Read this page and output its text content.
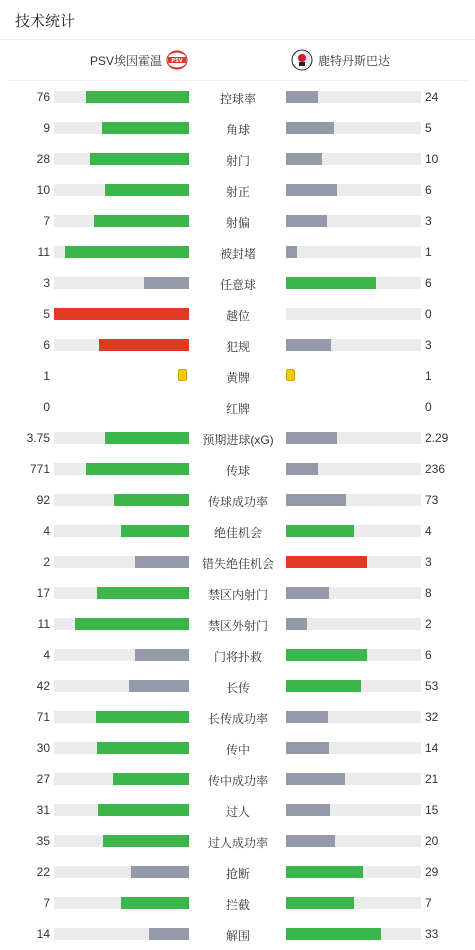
技术统计
PSV埃因霍温 PSV	鹿特丹斯巴达
76	控球率	24
9	角球	5
28	射门	10
10	射正	6
7	射偏	3
11	被封堵	1
3	任意球	6
5	越位	0
6	犯规	3
1	黄牌	1
0	红牌	0
3.75	预期进球(xG)	2.29
771	传球	236
92	传球成功率	73
4	绝佳机会	4
2	错失绝佳机会	3
17	禁区内射门	8
11	禁区外射门	2
4	门将扑救	6
42	长传	53
71	长传成功率	32
30	传中	14
27	传中成功率	21
31	过人	15
35	过人成功率	20
22	抢断	29
7	拦截	7
14	解围	33
